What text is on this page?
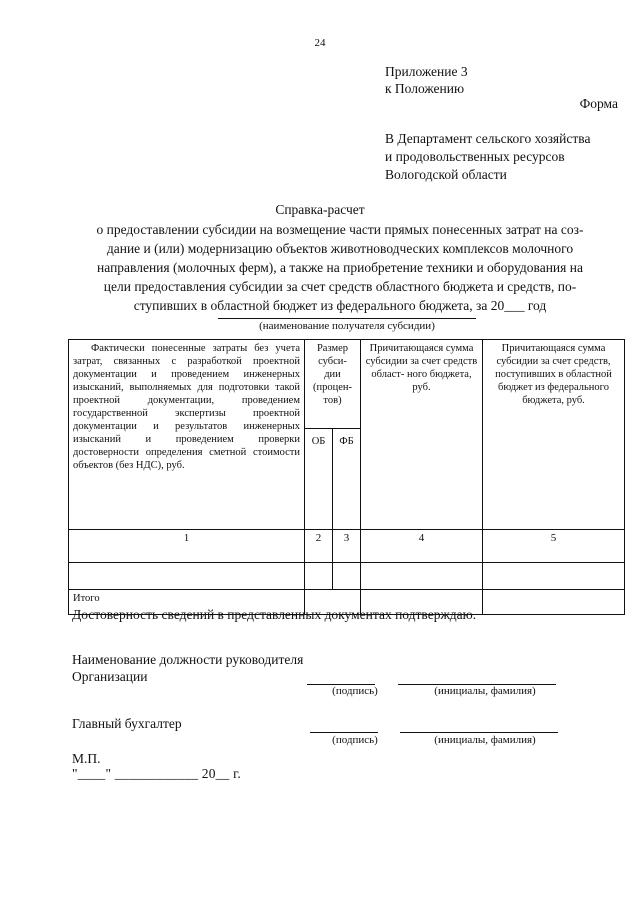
24
Приложение 3
к Положению
Форма
В Департамент сельского хозяйства
и продовольственных ресурсов
Вологодской области
Справка-расчет
о предоставлении субсидии на возмещение части прямых понесенных затрат на соз-
дание и (или) модернизацию объектов животноводческих комплексов молочного
направления (молочных ферм), а также на приобретение техники и оборудования на
цели предоставления субсидии за счет средств областного бюджета и средств, по-
ступивших в областной бюджет из федерального бюджета, за 20___ год
(наименование получателя субсидии)
Фактически понесенные затраты без учета затрат, связанных с разработкой проектной документации и проведением инженерных изысканий, выполняемых для подготовки такой проектной документации, проведением государственной экспертизы проектной документации и результатов инженерных изысканий и проведением проверки достоверности определения сметной стоимости объектов (без НДС), руб.	Размер субси- дии (процен- тов)		Причитающаяся сумма субсидии за счет средств област- ного бюджета, руб.	Причитающаяся сумма субсидии за счет средств, поступивших в областной бюджет из федерального бюджета, руб.
	ОБ	ФБ		
1	2	3	4	5

Итого				
Достоверность сведений в представленных документах подтверждаю.
Наименование должности руководителя
Организации
(подпись)	(инициалы, фамилия)
Главный бухгалтер
(подпись)	(инициалы, фамилия)
М.П.
"____" ____________ 20__ г.
